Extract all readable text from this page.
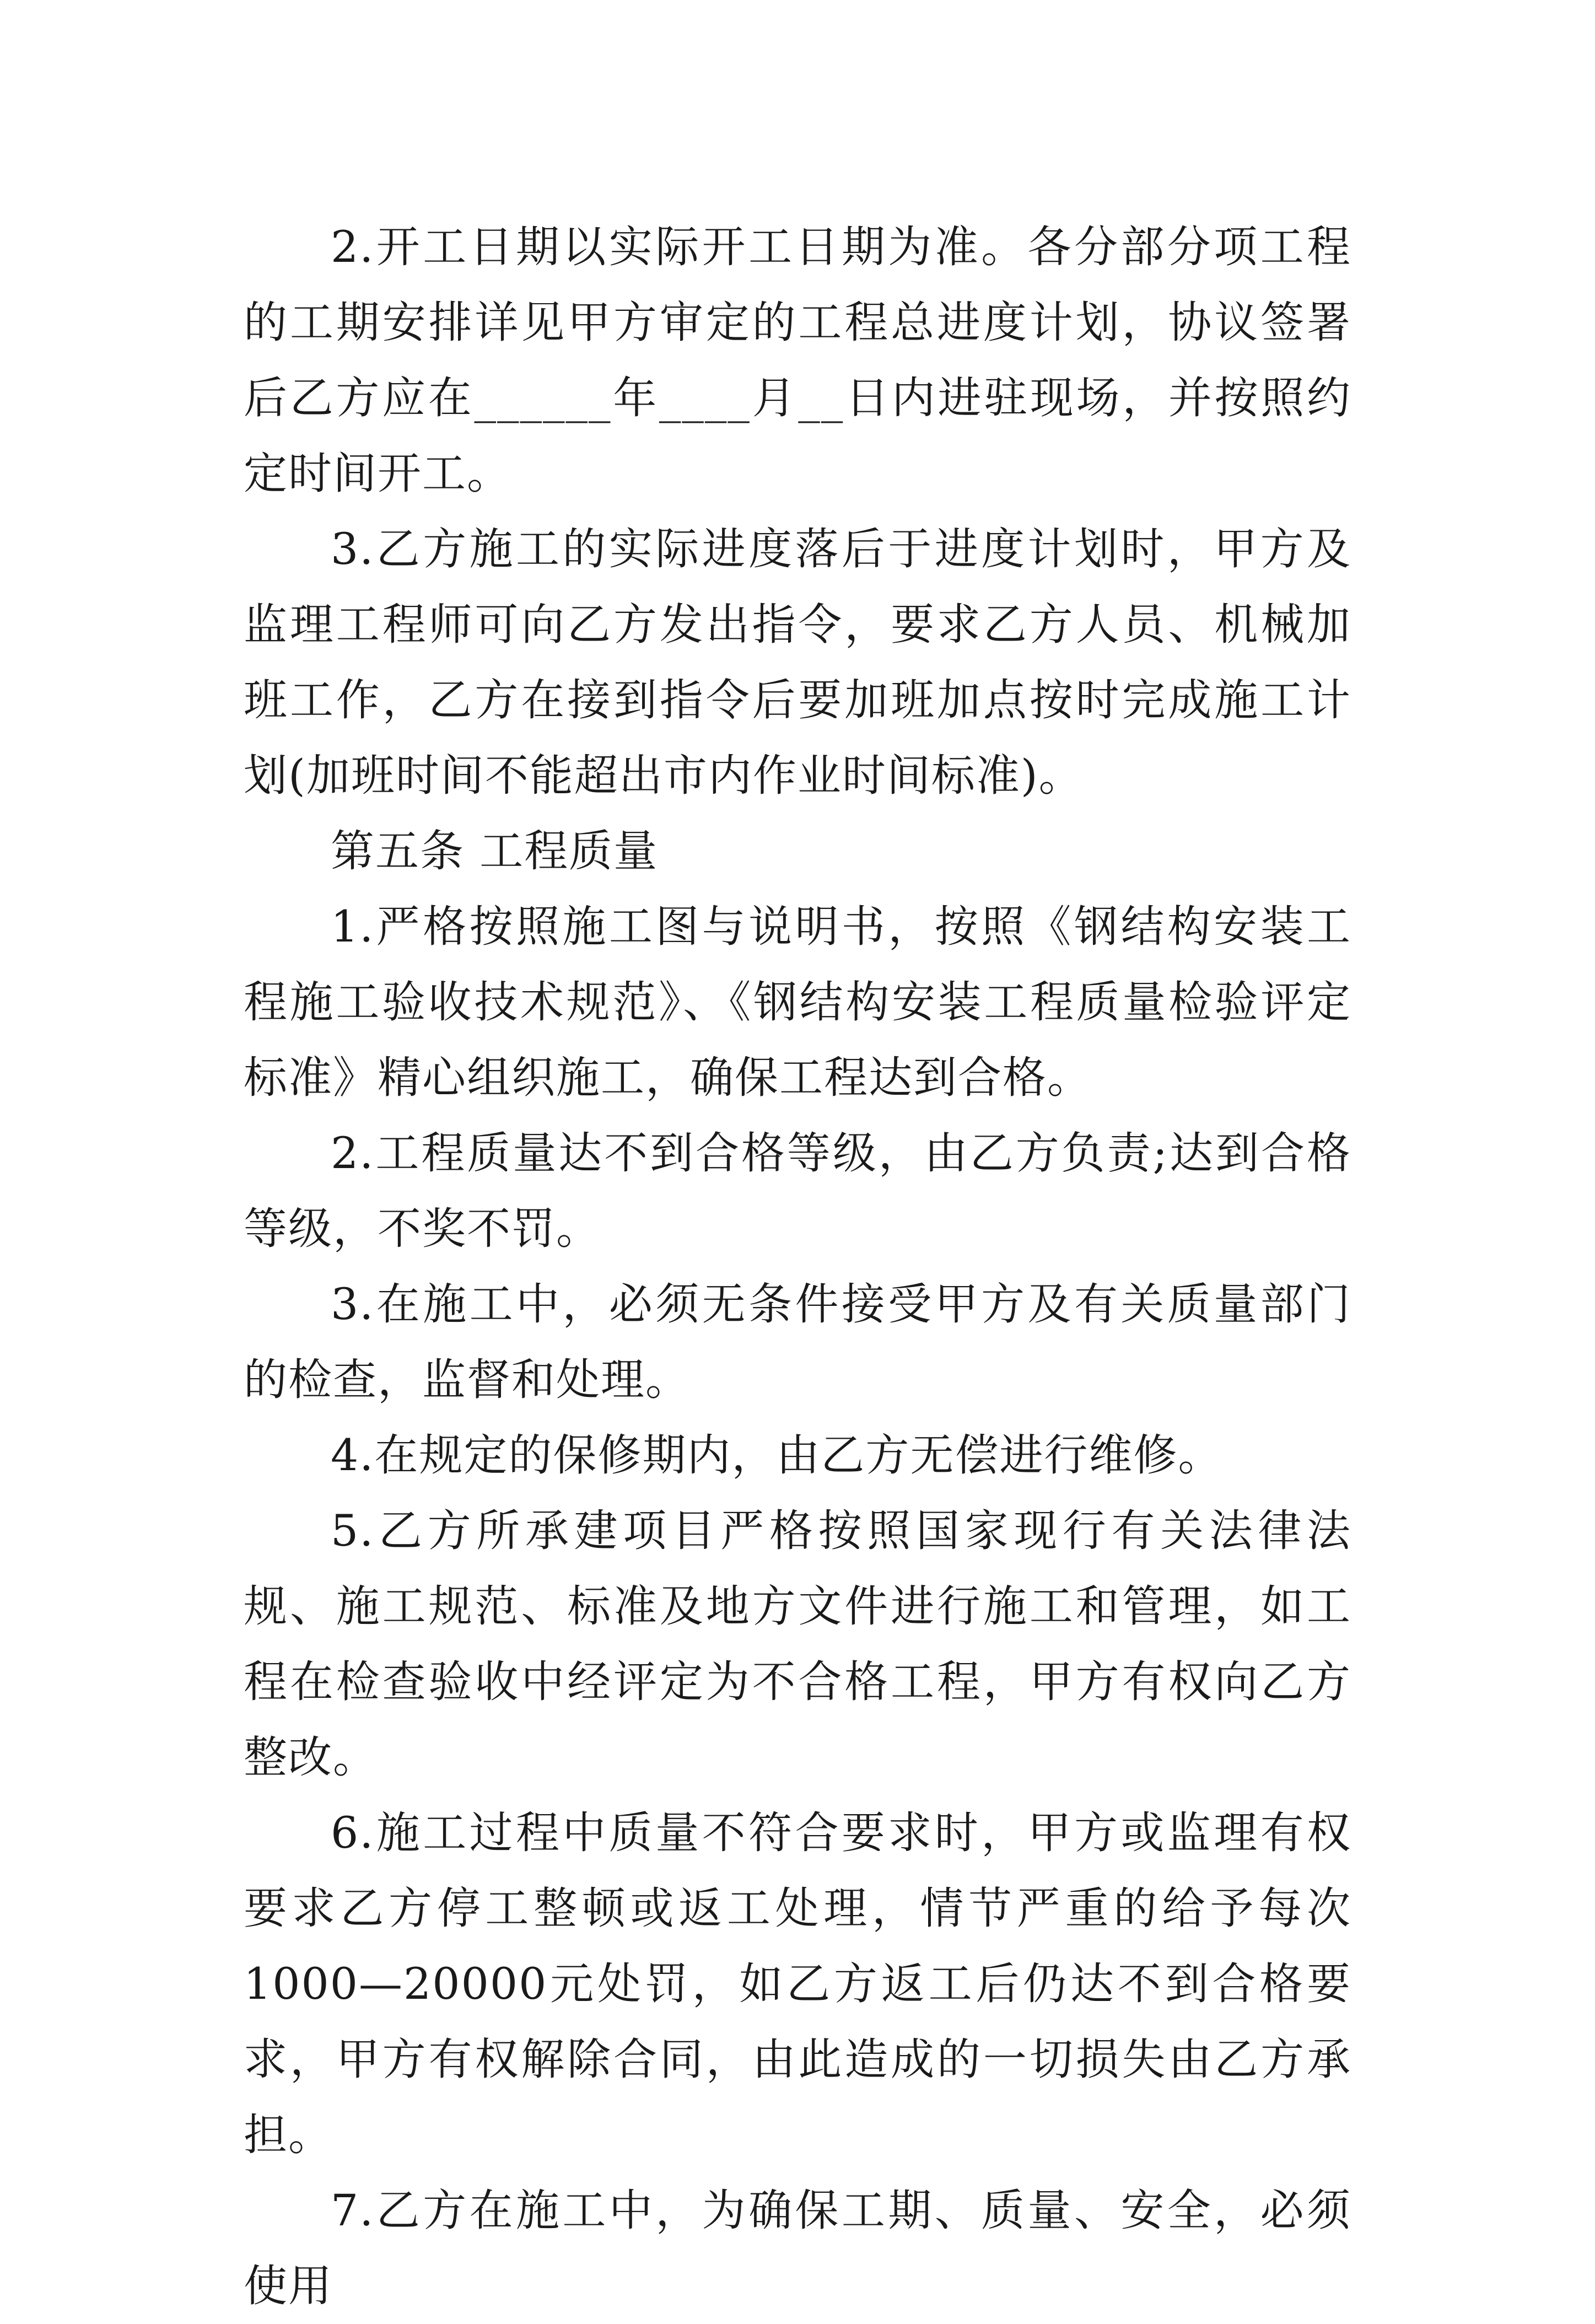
2.开工日期以实际开工日期为准。各分部分项工程的工期安排详见甲方审定的工程总进度计划，协议签署后乙方应在______年____月__日内进驻现场，并按照约定时间开工。

3.乙方施工的实际进度落后于进度计划时，甲方及监理工程师可向乙方发出指令，要求乙方人员、机械加班工作，乙方在接到指令后要加班加点按时完成施工计划(加班时间不能超出市内作业时间标准)。

第五条 工程质量

1.严格按照施工图与说明书，按照《钢结构安装工程施工验收技术规范》、《钢结构安装工程质量检验评定标准》精心组织施工，确保工程达到合格。

2.工程质量达不到合格等级，由乙方负责;达到合格等级，不奖不罚。

3.在施工中，必须无条件接受甲方及有关质量部门的检查，监督和处理。

4.在规定的保修期内，由乙方无偿进行维修。

5.乙方所承建项目严格按照国家现行有关法律法规、施工规范、标准及地方文件进行施工和管理，如工程在检查验收中经评定为不合格工程，甲方有权向乙方整改。

6.施工过程中质量不符合要求时，甲方或监理有权要求乙方停工整顿或返工处理，情节严重的给予每次1000—20000元处罚，如乙方返工后仍达不到合格要求，甲方有权解除合同，由此造成的一切损失由乙方承担。

7.乙方在施工中，为确保工期、质量、安全，必须使用
